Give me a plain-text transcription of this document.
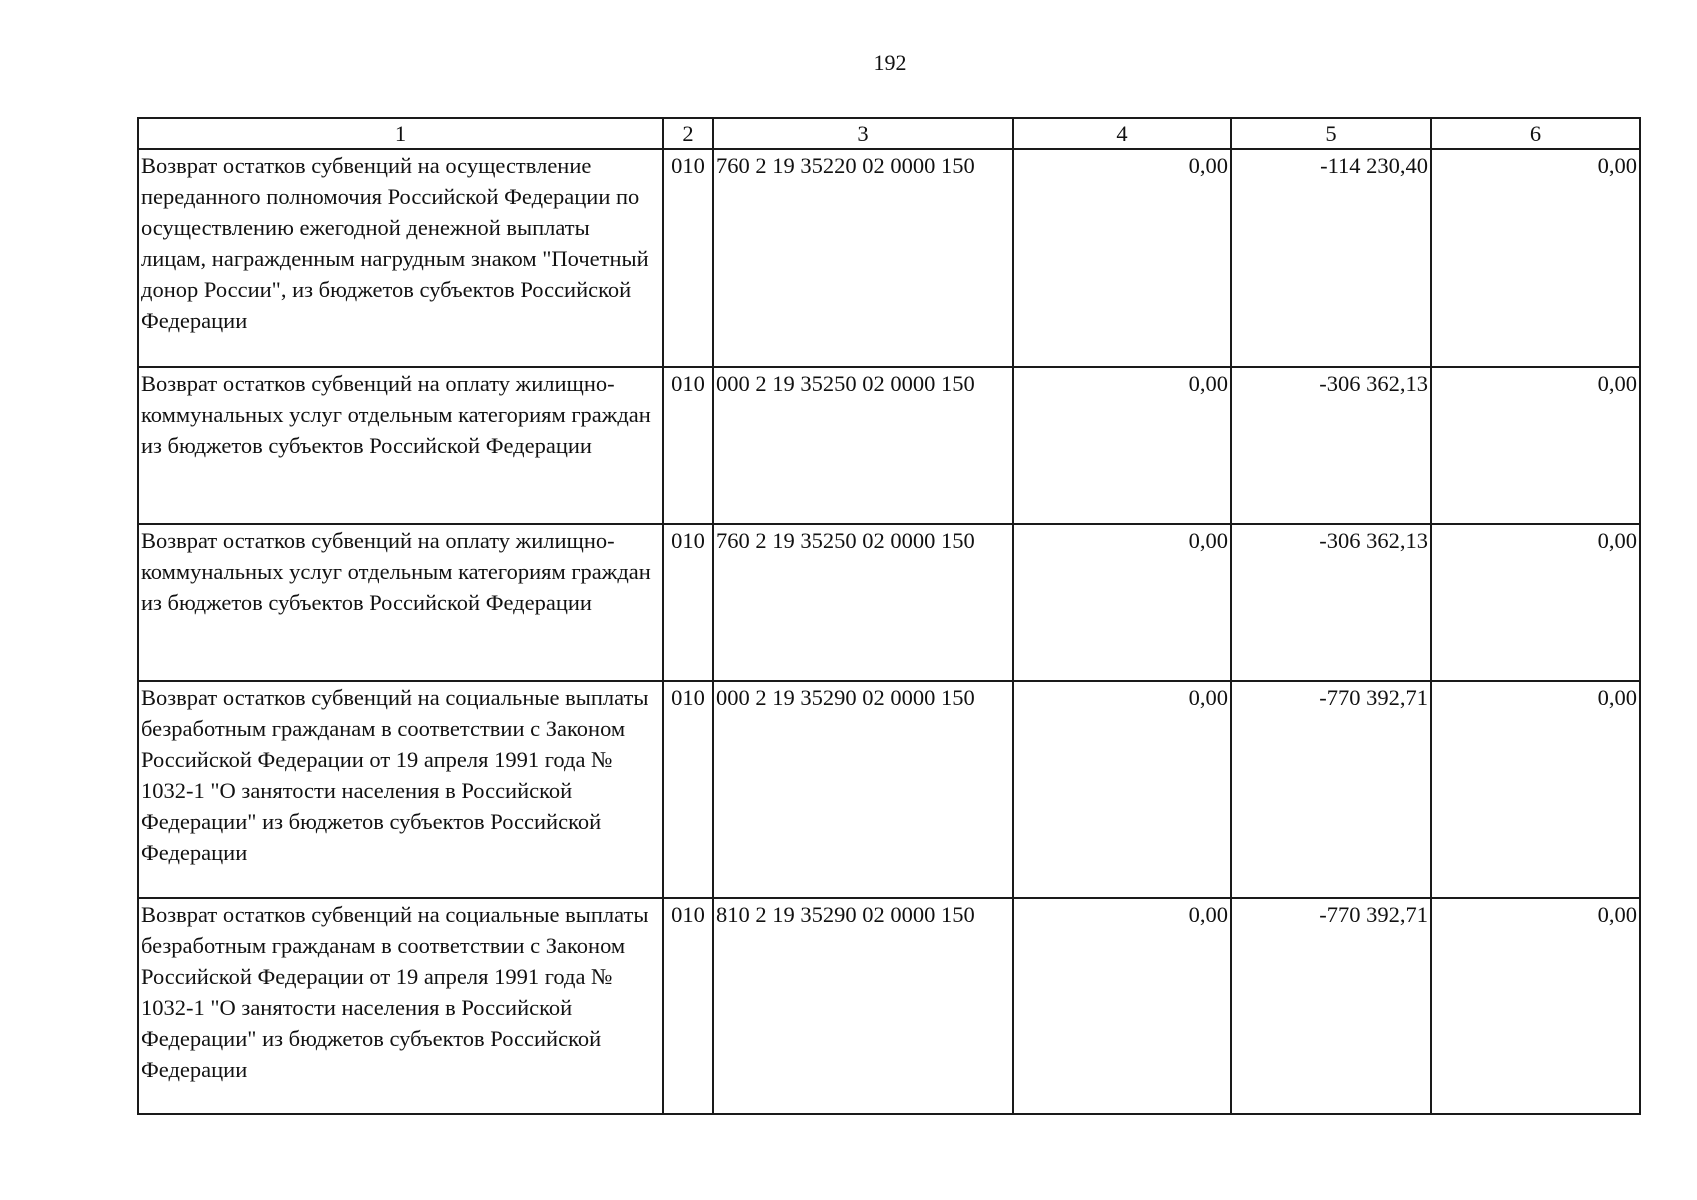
192
1	2	3	4	5	6
Возврат остатков субвенций на осуществление переданного полномочия Российской Федерации по осуществлению ежегодной денежной выплаты лицам, награжденным нагрудным знаком "Почетный донор России", из бюджетов субъектов Российской Федерации	010	760 2 19 35220 02 0000 150	0,00	-114 230,40	0,00
Возврат остатков субвенций на оплату жилищно-коммунальных услуг отдельным категориям граждан из бюджетов субъектов Российской Федерации	010	000 2 19 35250 02 0000 150	0,00	-306 362,13	0,00
Возврат остатков субвенций на оплату жилищно-коммунальных услуг отдельным категориям граждан из бюджетов субъектов Российской Федерации	010	760 2 19 35250 02 0000 150	0,00	-306 362,13	0,00
Возврат остатков субвенций на социальные выплаты безработным гражданам в соответствии с Законом Российской Федерации от 19 апреля 1991 года № 1032-1 "О занятости населения в Российской Федерации" из бюджетов субъектов Российской Федерации	010	000 2 19 35290 02 0000 150	0,00	-770 392,71	0,00
Возврат остатков субвенций на социальные выплаты безработным гражданам в соответствии с Законом Российской Федерации от 19 апреля 1991 года № 1032-1 "О занятости населения в Российской Федерации" из бюджетов субъектов Российской Федерации	010	810 2 19 35290 02 0000 150	0,00	-770 392,71	0,00
